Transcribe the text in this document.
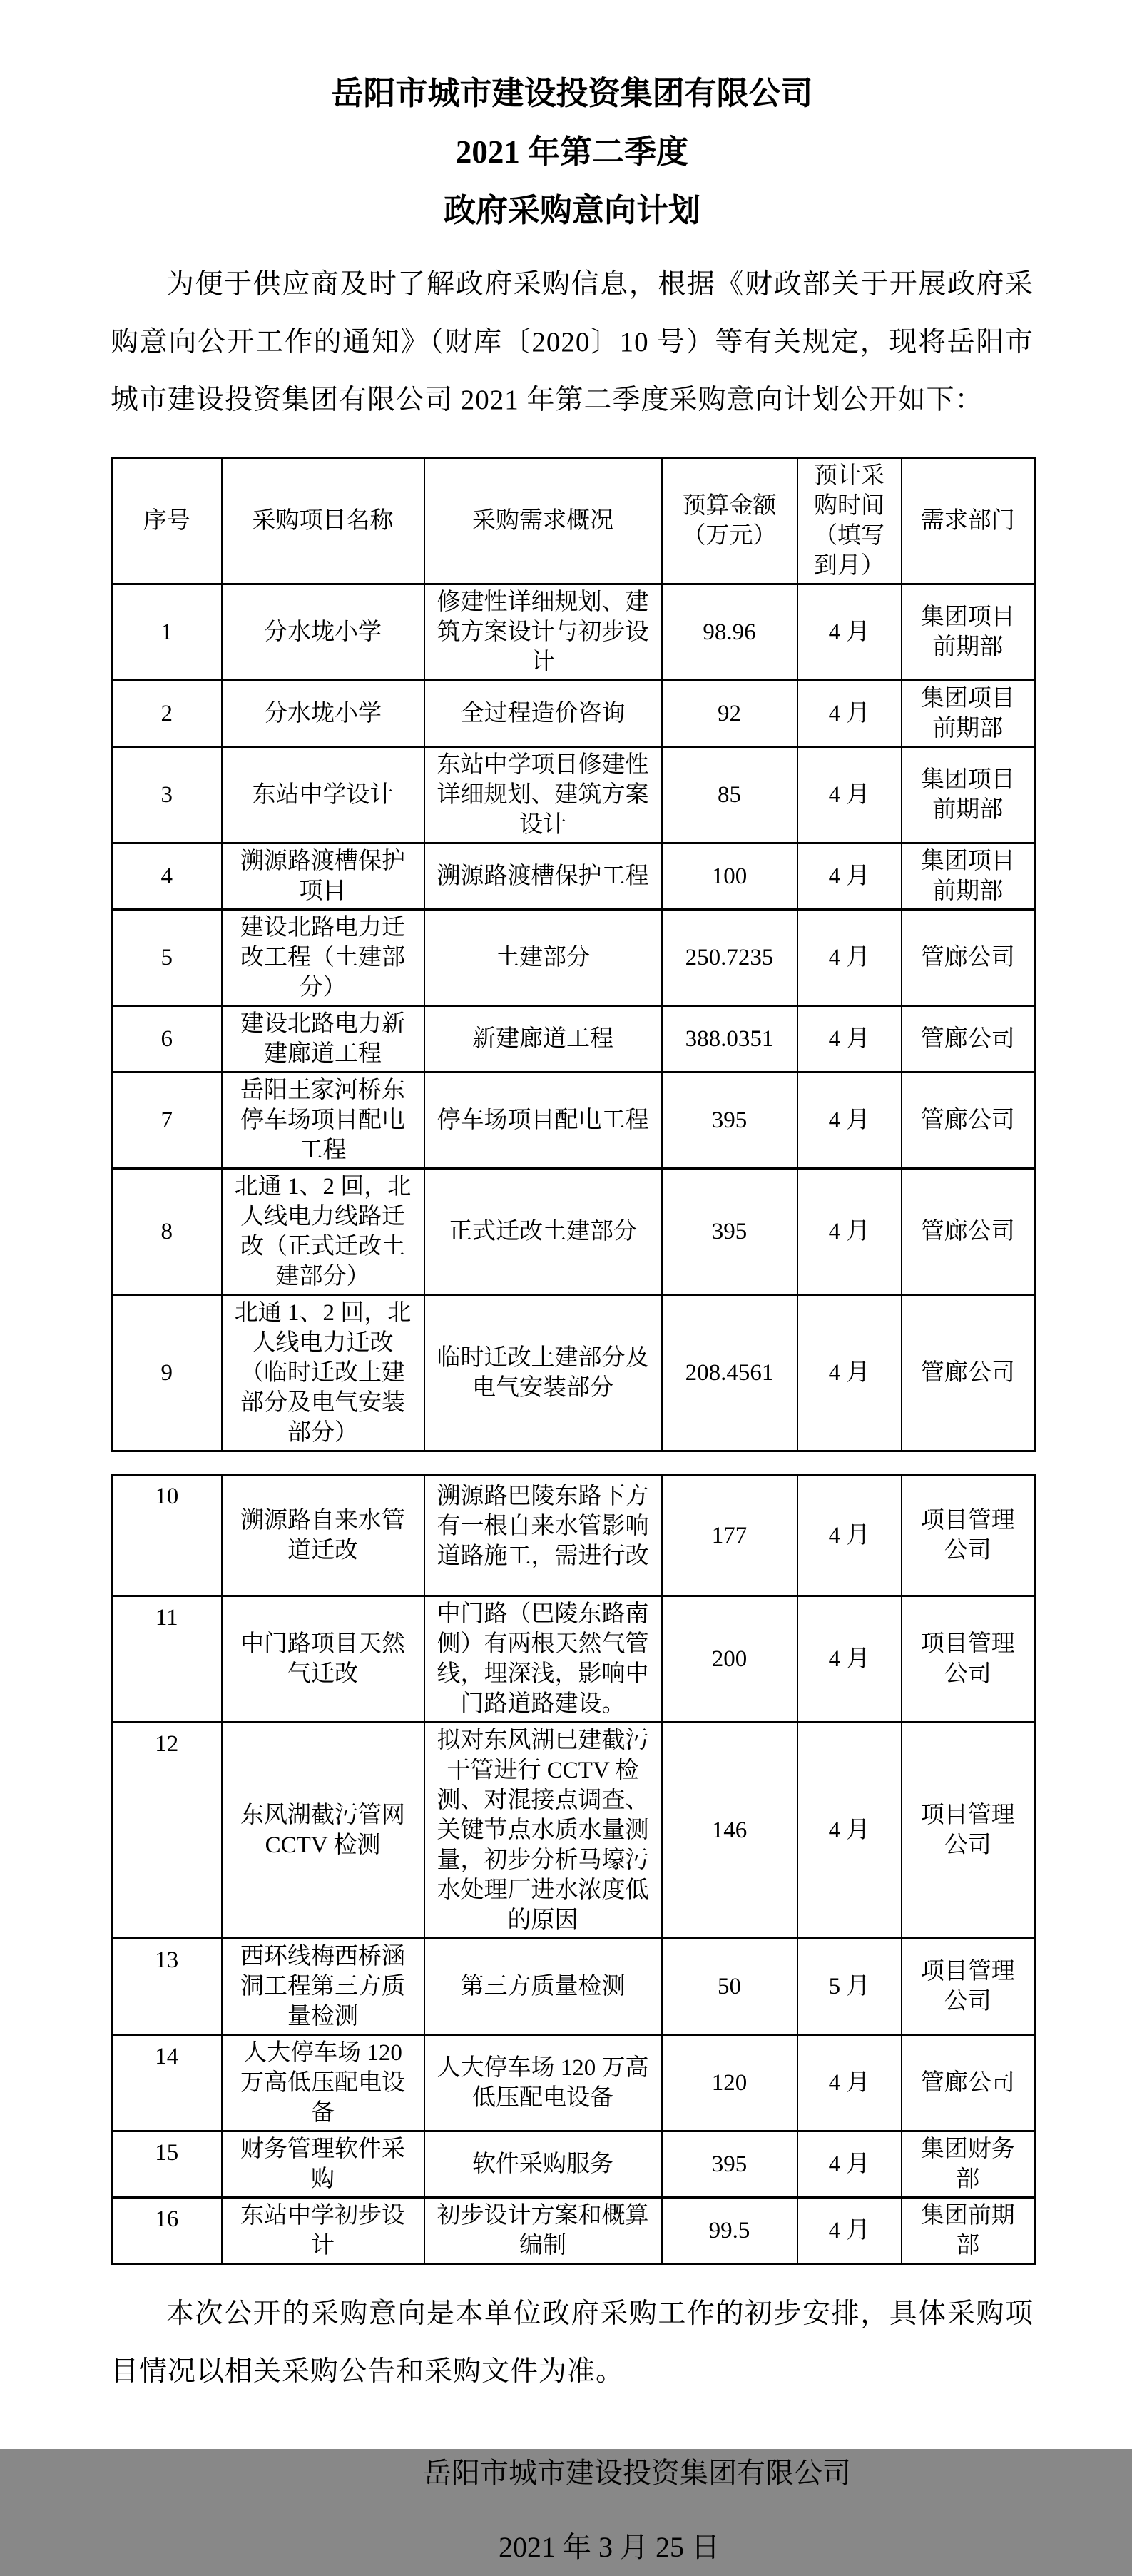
岳阳市城市建设投资集团有限公司
2021 年第二季度
政府采购意向计划

为便于供应商及时了解政府采购信息，根据《财政部关于开展政府采购意向公开工作的通知》（财库〔2020〕10 号）等有关规定，现将岳阳市城市建设投资集团有限公司 2021 年第二季度采购意向计划公开如下：

序号	采购项目名称	采购需求概况	预算金额（万元）	预计采购时间（填写到月）	需求部门
1	分水垅小学	修建性详细规划、建筑方案设计与初步设计	98.96	4 月	集团项目前期部
2	分水垅小学	全过程造价咨询	92	4 月	集团项目前期部
3	东站中学设计	东站中学项目修建性详细规划、建筑方案设计	85	4 月	集团项目前期部
4	溯源路渡槽保护项目	溯源路渡槽保护工程	100	4 月	集团项目前期部
5	建设北路电力迁改工程（土建部分）	土建部分	250.7235	4 月	管廊公司
6	建设北路电力新建廊道工程	新建廊道工程	388.0351	4 月	管廊公司
7	岳阳王家河桥东停车场项目配电工程	停车场项目配电工程	395	4 月	管廊公司
8	北通 1、2 回，北人线电力线路迁改（正式迁改土建部分）	正式迁改土建部分	395	4 月	管廊公司
9	北通 1、2 回，北人线电力迁改（临时迁改土建部分及电气安装部分）	临时迁改土建部分及电气安装部分	208.4561	4 月	管廊公司
10	溯源路自来水管道迁改	溯源路巴陵东路下方有一根自来水管影响道路施工，需进行改	177	4 月	项目管理公司
11	中门路项目天然气迁改	中门路（巴陵东路南侧）有两根天然气管线，埋深浅，影响中门路道路建设。	200	4 月	项目管理公司
12	东风湖截污管网 CCTV 检测	拟对东风湖已建截污干管进行 CCTV 检测、对混接点调查、关键节点水质水量测量，初步分析马壕污水处理厂进水浓度低的原因	146	4 月	项目管理公司
13	西环线梅西桥涵洞工程第三方质量检测	第三方质量检测	50	5 月	项目管理公司
14	人大停车场 120 万高低压配电设备	人大停车场 120 万高低压配电设备	120	4 月	管廊公司
15	财务管理软件采购	软件采购服务	395	4 月	集团财务部
16	东站中学初步设计	初步设计方案和概算编制	99.5	4 月	集团前期部

本次公开的采购意向是本单位政府采购工作的初步安排，具体采购项目情况以相关采购公告和采购文件为准。

岳阳市城市建设投资集团有限公司
2021 年 3 月 25 日
